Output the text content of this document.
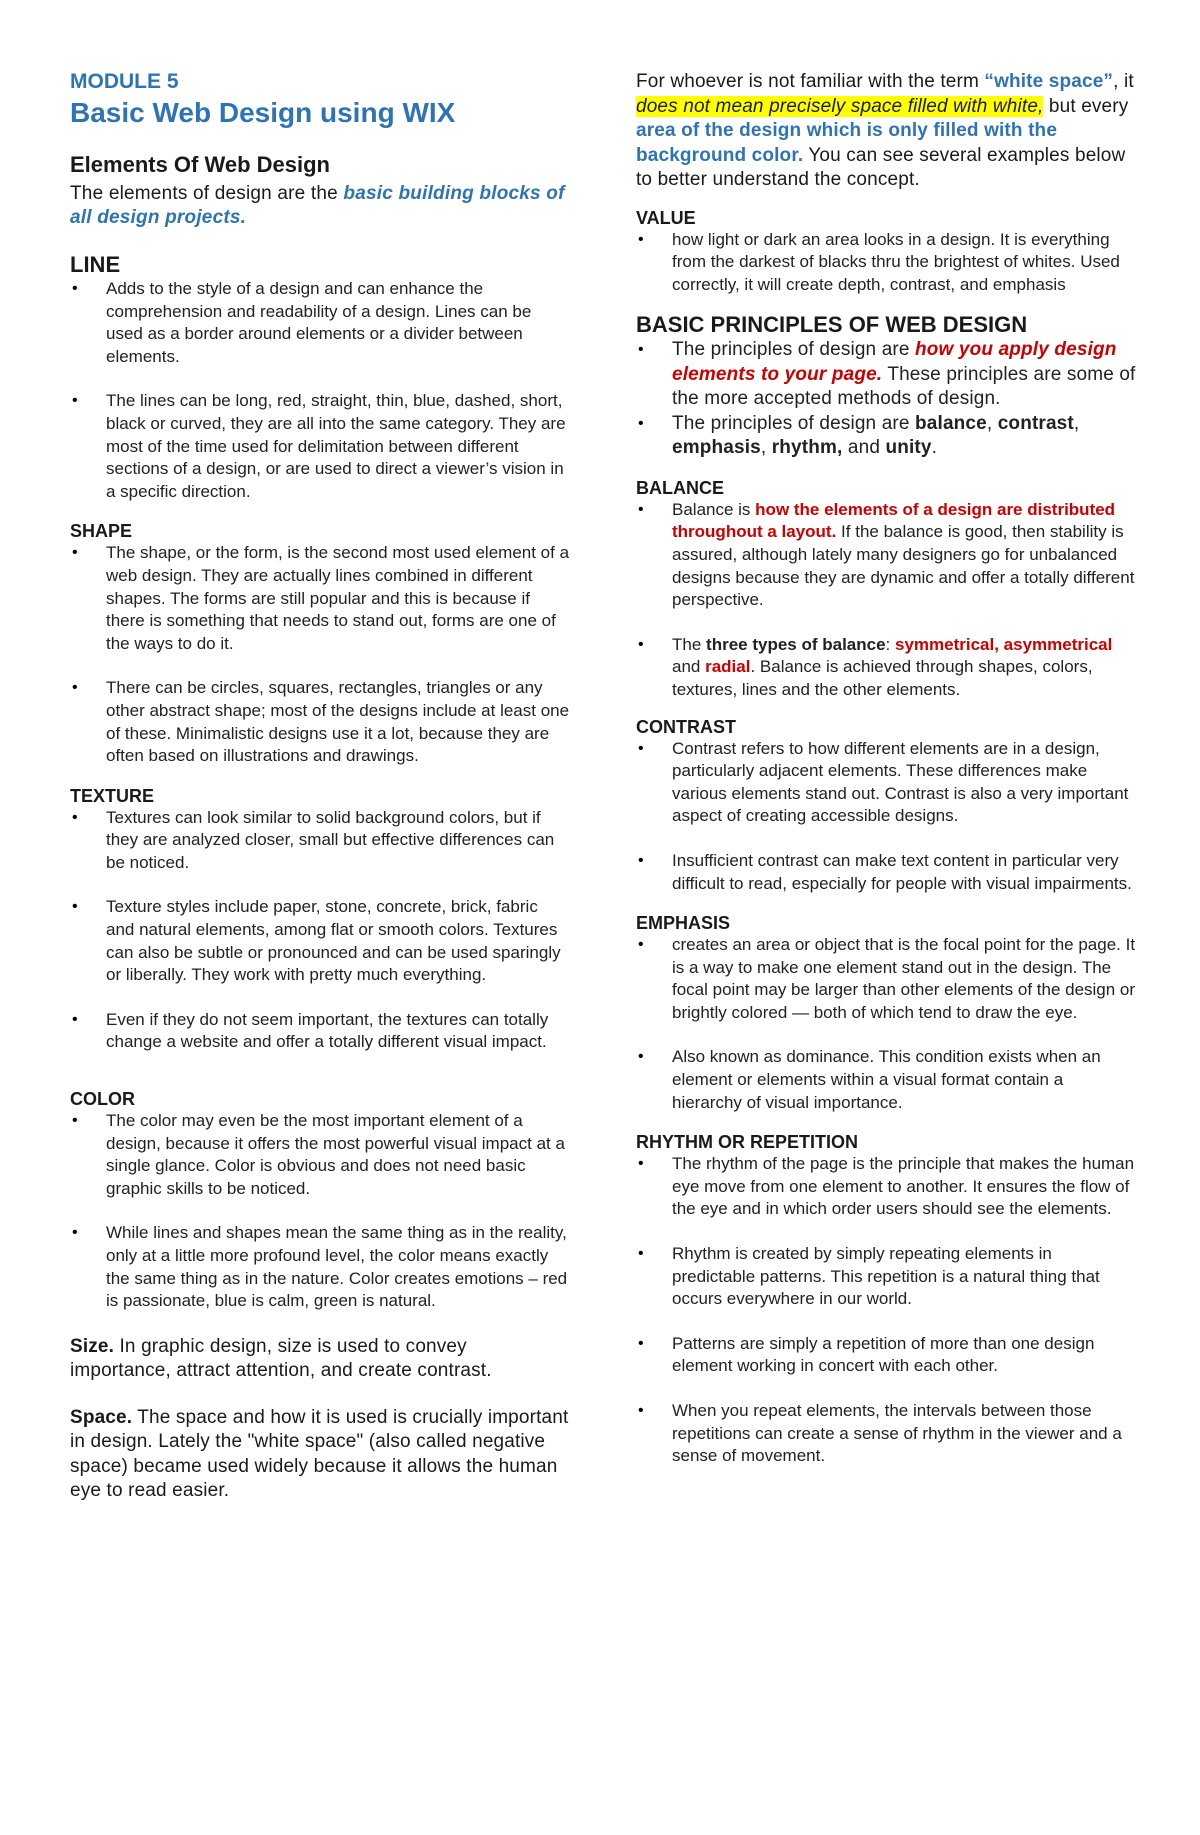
MODULE 5

Basic Web Design using WIX
Elements Of Web Design

The elements of design are the basic building blocks of all design projects.

LINE
• Adds to the style of a design and can enhance the comprehension and readability of a design. Lines can be used as a border around elements or a divider between elements.
• The lines can be long, red, straight, thin, blue, dashed, short, black or curved, they are all into the same category. They are most of the time used for delimitation between different sections of a design, or are used to direct a viewer’s vision in a specific direction.
SHAPE
• The shape, or the form, is the second most used element of a web design. They are actually lines combined in different shapes. The forms are still popular and this is because if there is something that needs to stand out, forms are one of the ways to do it.
• There can be circles, squares, rectangles, triangles or any other abstract shape; most of the designs include at least one of these. Minimalistic designs use it a lot, because they are often based on illustrations and drawings.
TEXTURE
• Textures can look similar to solid background colors, but if they are analyzed closer, small but effective differences can be noticed.
• Texture styles include paper, stone, concrete, brick, fabric and natural elements, among flat or smooth colors. Textures can also be subtle or pronounced and can be used sparingly or liberally. They work with pretty much everything.
• Even if they do not seem important, the textures can totally change a website and offer a totally different visual impact.
COLOR
• The color may even be the most important element of a design, because it offers the most powerful visual impact at a single glance. Color is obvious and does not need basic graphic skills to be noticed.
• While lines and shapes mean the same thing as in the reality, only at a little more profound level, the color means exactly the same thing as in the nature. Color creates emotions – red is passionate, blue is calm, green is natural.

Size. In graphic design, size is used to convey importance, attract attention, and create contrast.

Space. The space and how it is used is crucially important in design. Lately the "white space" (also called negative space) became used widely because it allows the human eye to read easier.

For whoever is not familiar with the term “white space”, it does not mean precisely space filled with white, but every area of the design which is only filled with the background color. You can see several examples below to better understand the concept.

VALUE
• how light or dark an area looks in a design. It is everything from the darkest of blacks thru the brightest of whites. Used correctly, it will create depth, contrast, and emphasis
BASIC PRINCIPLES OF WEB DESIGN
• The principles of design are how you apply design elements to your page. These principles are some of the more accepted methods of design.
• The principles of design are balance, contrast, emphasis, rhythm, and unity.
BALANCE
• Balance is how the elements of a design are distributed throughout a layout. If the balance is good, then stability is assured, although lately many designers go for unbalanced designs because they are dynamic and offer a totally different perspective.
• The three types of balance: symmetrical, asymmetrical and radial. Balance is achieved through shapes, colors, textures, lines and the other elements.
CONTRAST
• Contrast refers to how different elements are in a design, particularly adjacent elements. These differences make various elements stand out. Contrast is also a very important aspect of creating accessible designs.
• Insufficient contrast can make text content in particular very difficult to read, especially for people with visual impairments.
EMPHASIS
• creates an area or object that is the focal point for the page. It is a way to make one element stand out in the design. The focal point may be larger than other elements of the design or brightly colored — both of which tend to draw the eye.
• Also known as dominance. This condition exists when an element or elements within a visual format contain a hierarchy of visual importance.
RHYTHM OR REPETITION
• The rhythm of the page is the principle that makes the human eye move from one element to another. It ensures the flow of the eye and in which order users should see the elements.
• Rhythm is created by simply repeating elements in predictable patterns. This repetition is a natural thing that occurs everywhere in our world.
• Patterns are simply a repetition of more than one design element working in concert with each other.
• When you repeat elements, the intervals between those repetitions can create a sense of rhythm in the viewer and a sense of movement.
